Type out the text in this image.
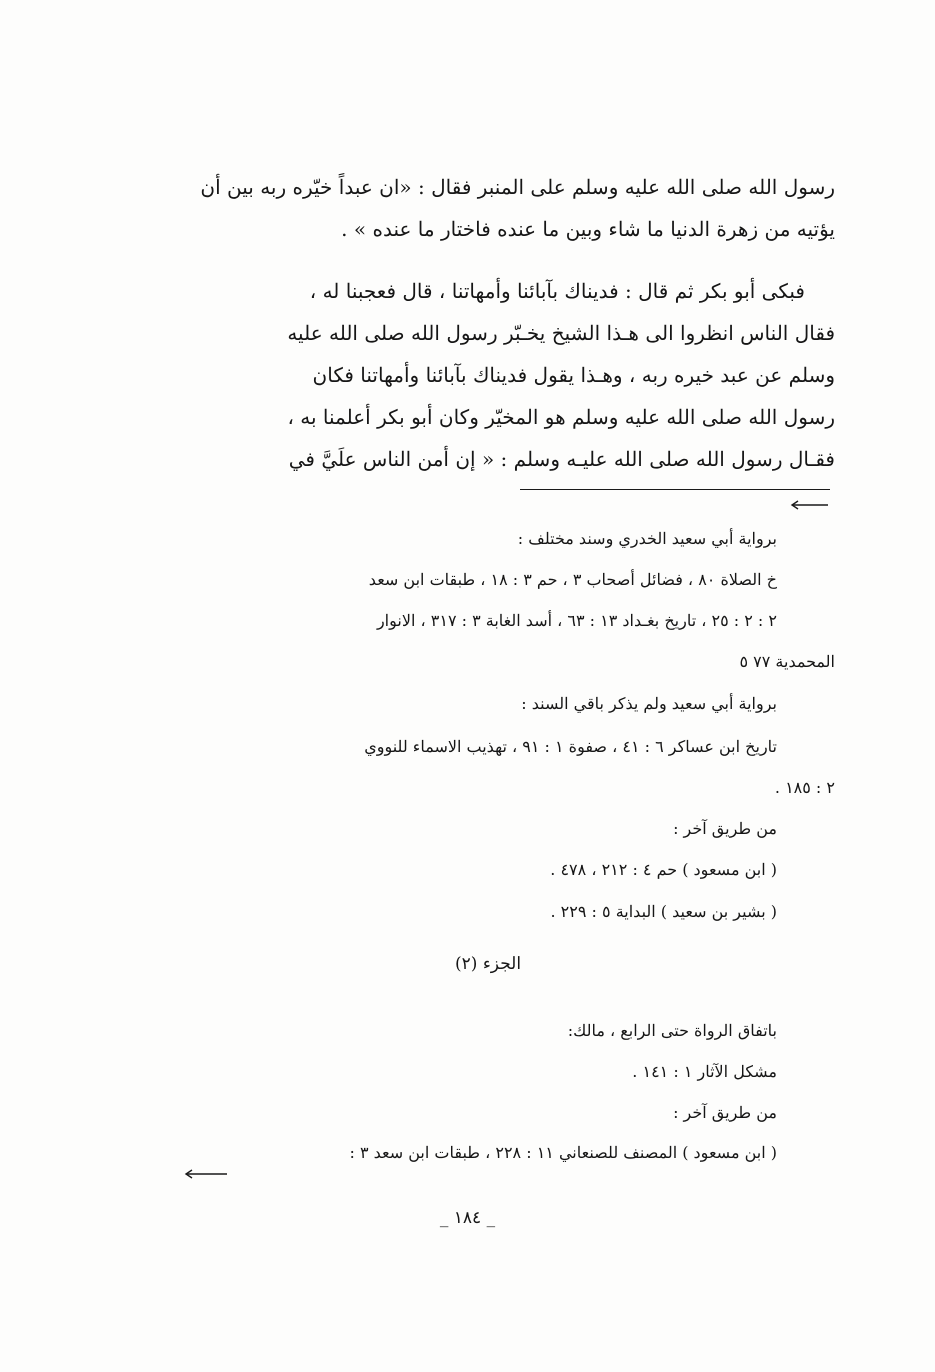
رسول الله صلى الله عليه وسلم على المنبر فقال : «ان عبداً خيّره ربه بين أن
يؤتيه من زهرة الدنيا ما شاء وبين ما عنده فاختار ما عنده » .
فبكى أبو بكر ثم قال : فديناك بآبائنا وأمهاتنا ، قال فعجبنا له ،
فقال الناس انظروا الى هـذا الشيخ يخـبّر رسول الله صلى الله عليه
وسلم عن عبد خيره ربه ، وهـذا يقول فديناك بآبائنا وأمهاتنا فكان
رسول الله صلى الله عليه وسلم هو المخيّر وكان أبو بكر أعلمنا به ،
فقـال رسول الله صلى الله عليـه وسلم : « إن أمن الناس علَيَّ في
برواية أبي سعيد الخدري وسند مختلف :
خ الصلاة ٨٠ ، فضائل أصحاب ٣ ، حم ٣ : ١٨ ، طبقات ابن سعد
٢ : ٢ : ٢٥ ، تاريخ بغـداد ١٣ : ٦٣ ، أسد الغابة ٣ : ٣١٧ ، الانوار
المحمدية ٧٧ ٥
برواية أبي سعيد ولم يذكر باقي السند :
تاريخ ابن عساكر ٦ : ٤١ ، صفوة ١ : ٩١ ، تهذيب الاسماء للنووي
٢ : ١٨٥ .
من طريق آخر :
( ابن مسعود ) حم ٤ : ٢١٢ ، ٤٧٨ .
( بشير بن سعيد ) البداية ٥ : ٢٢٩ .
الجزء (٢)
باتفاق الرواة حتى الرابع ، مالك:
مشكل الآثار ١ : ١٤١ .
من طريق آخر :
( ابن مسعود ) المصنف للصنعاني ١١ : ٢٢٨ ، طبقات ابن سعد ٣ :
_ ١٨٤ _
